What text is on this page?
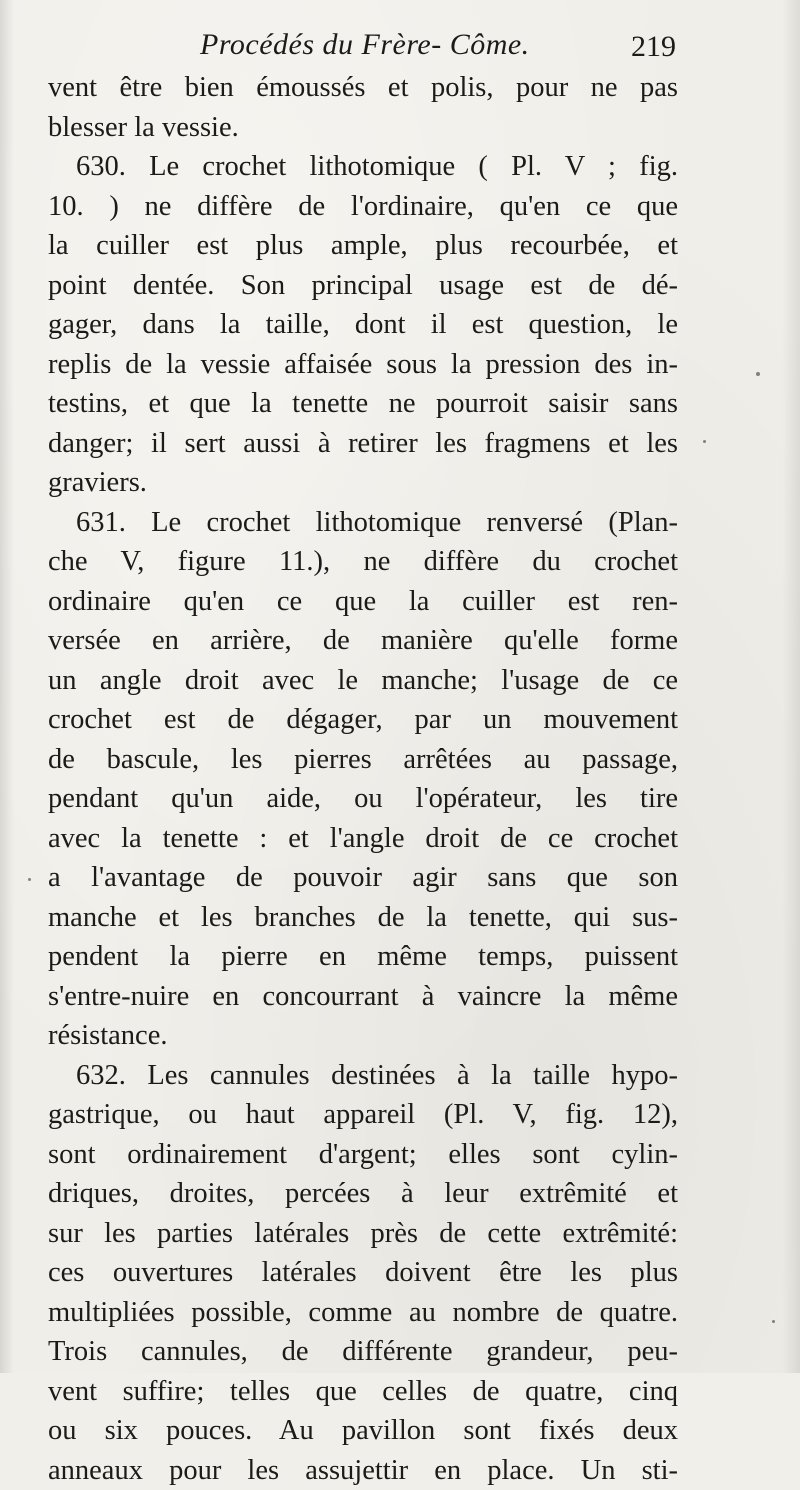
Procédés du Frère- Côme.	219
vent être bien émoussés et polis, pour ne pas
blesser la vessie.
630. Le crochet lithotomique ( Pl. V ; fig.
10. ) ne diffère de l'ordinaire, qu'en ce que
la cuiller est plus ample, plus recourbée, et
point dentée. Son principal usage est de dé-
gager, dans la taille, dont il est question, le
replis de la vessie affaisée sous la pression des in-
testins, et que la tenette ne pourroit saisir sans
danger; il sert aussi à retirer les fragmens et les
graviers.
631. Le crochet lithotomique renversé (Plan-
che V, figure 11.), ne diffère du crochet
ordinaire qu'en ce que la cuiller est ren-
versée en arrière, de manière qu'elle forme
un angle droit avec le manche; l'usage de ce
crochet est de dégager, par un mouvement
de bascule, les pierres arrêtées au passage,
pendant qu'un aide, ou l'opérateur, les tire
avec la tenette : et l'angle droit de ce crochet
a l'avantage de pouvoir agir sans que son
manche et les branches de la tenette, qui sus-
pendent la pierre en même temps, puissent
s'entre-nuire en concourrant à vaincre la même
résistance.
632. Les cannules destinées à la taille hypo-
gastrique, ou haut appareil (Pl. V, fig. 12),
sont ordinairement d'argent; elles sont cylin-
driques, droites, percées à leur extrêmité et
sur les parties latérales près de cette extrêmité:
ces ouvertures latérales doivent être les plus
multipliées possible, comme au nombre de quatre.
Trois cannules, de différente grandeur, peu-
vent suffire; telles que celles de quatre, cinq
ou six pouces. Au pavillon sont fixés deux
anneaux pour les assujettir en place. Un sti-
